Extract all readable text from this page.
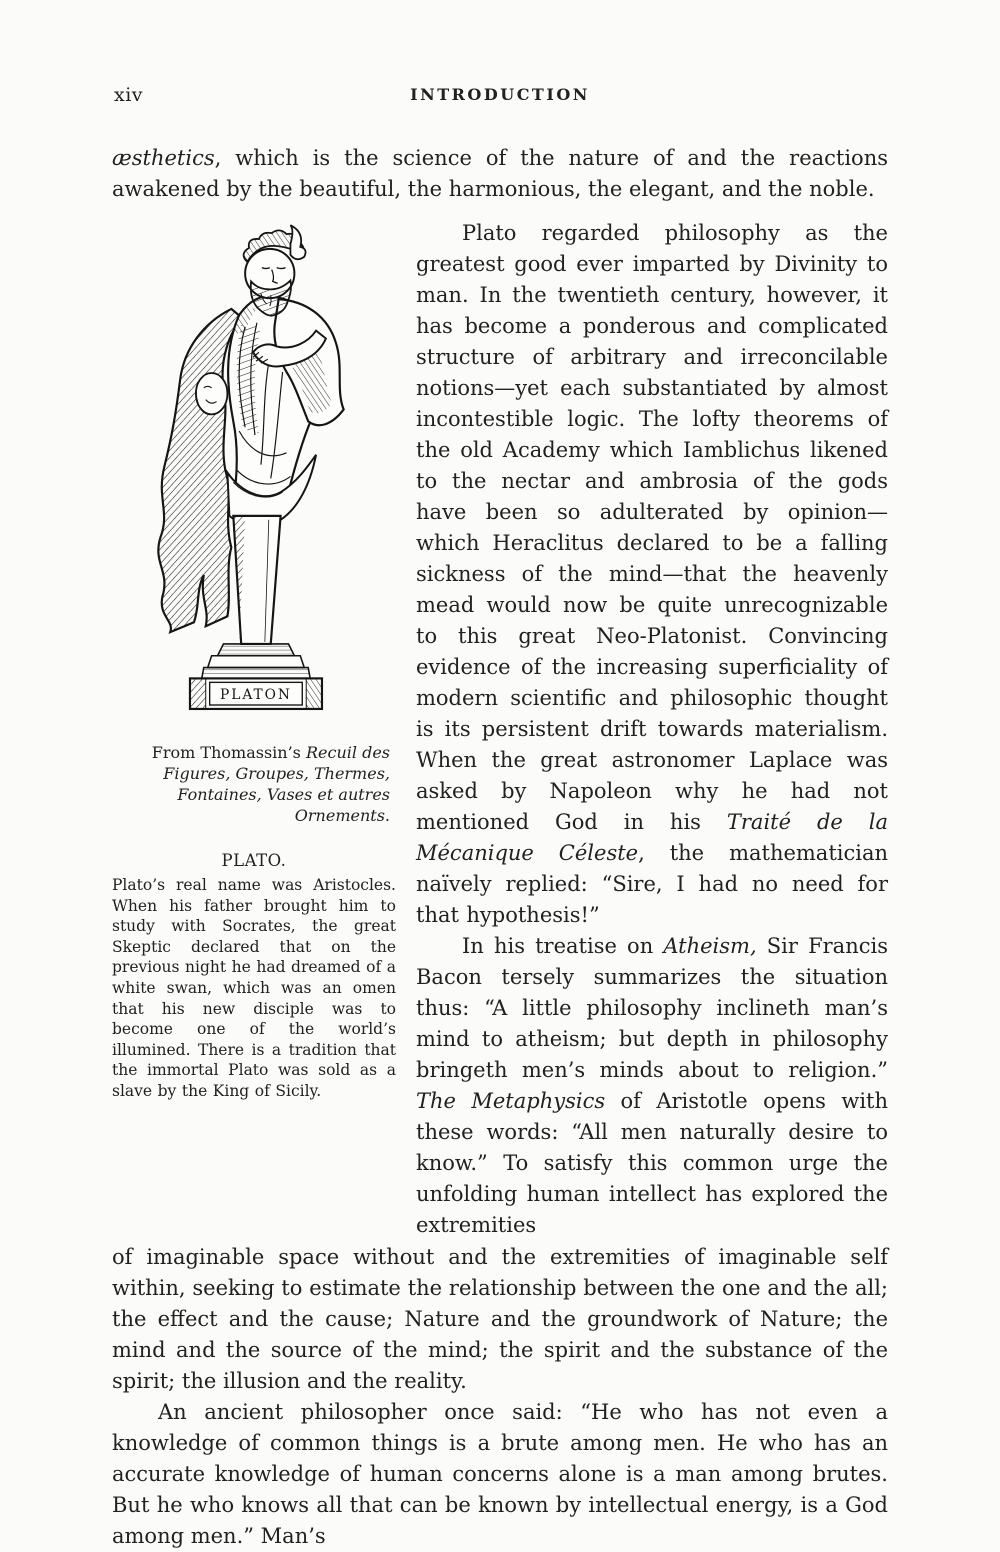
xiv	INTRODUCTION

æsthetics, which is the science of the nature of and the reactions awakened by the beautiful, the harmonious, the elegant, and the noble.

PLATON

From Thomassin’s Recuil des Figures, Groupes, Thermes, Fontaines, Vases et autres Ornements.

PLATO.

Plato’s real name was Aristocles. When his father brought him to study with Socrates, the great Skeptic declared that on the previous night he had dreamed of a white swan, which was an omen that his new disciple was to become one of the world’s illumined. There is a tradition that the immortal Plato was sold as a slave by the King of Sicily.

Plato regarded philosophy as the greatest good ever imparted by Divinity to man. In the twentieth century, however, it has become a ponderous and complicated structure of arbitrary and irreconcilable notions—yet each substantiated by almost incontestible logic. The lofty theorems of the old Academy which Iamblichus likened to the nectar and ambrosia of the gods have been so adulterated by opinion—which Heraclitus declared to be a falling sickness of the mind—that the heavenly mead would now be quite unrecognizable to this great Neo-Platonist. Convincing evidence of the increasing superficiality of modern scientific and philosophic thought is its persistent drift towards materialism. When the great astronomer Laplace was asked by Napoleon why he had not mentioned God in his Traité de la Mécanique Céleste, the mathematician naïvely replied: “Sire, I had no need for that hypothesis!”

In his treatise on Atheism, Sir Francis Bacon tersely summarizes the situation thus: “A little philosophy inclineth man’s mind to atheism; but depth in philosophy bringeth men’s minds about to religion.” The Metaphysics of Aristotle opens with these words: “All men naturally desire to know.” To satisfy this common urge the unfolding human intellect has explored the extremities

of imaginable space without and the extremities of imaginable self within, seeking to estimate the relationship between the one and the all; the effect and the cause; Nature and the groundwork of Nature; the mind and the source of the mind; the spirit and the substance of the spirit; the illusion and the reality.

An ancient philosopher once said: “He who has not even a knowledge of common things is a brute among men. He who has an accurate knowledge of human concerns alone is a man among brutes. But he who knows all that can be known by intellectual energy, is a God among men.” Man’s
